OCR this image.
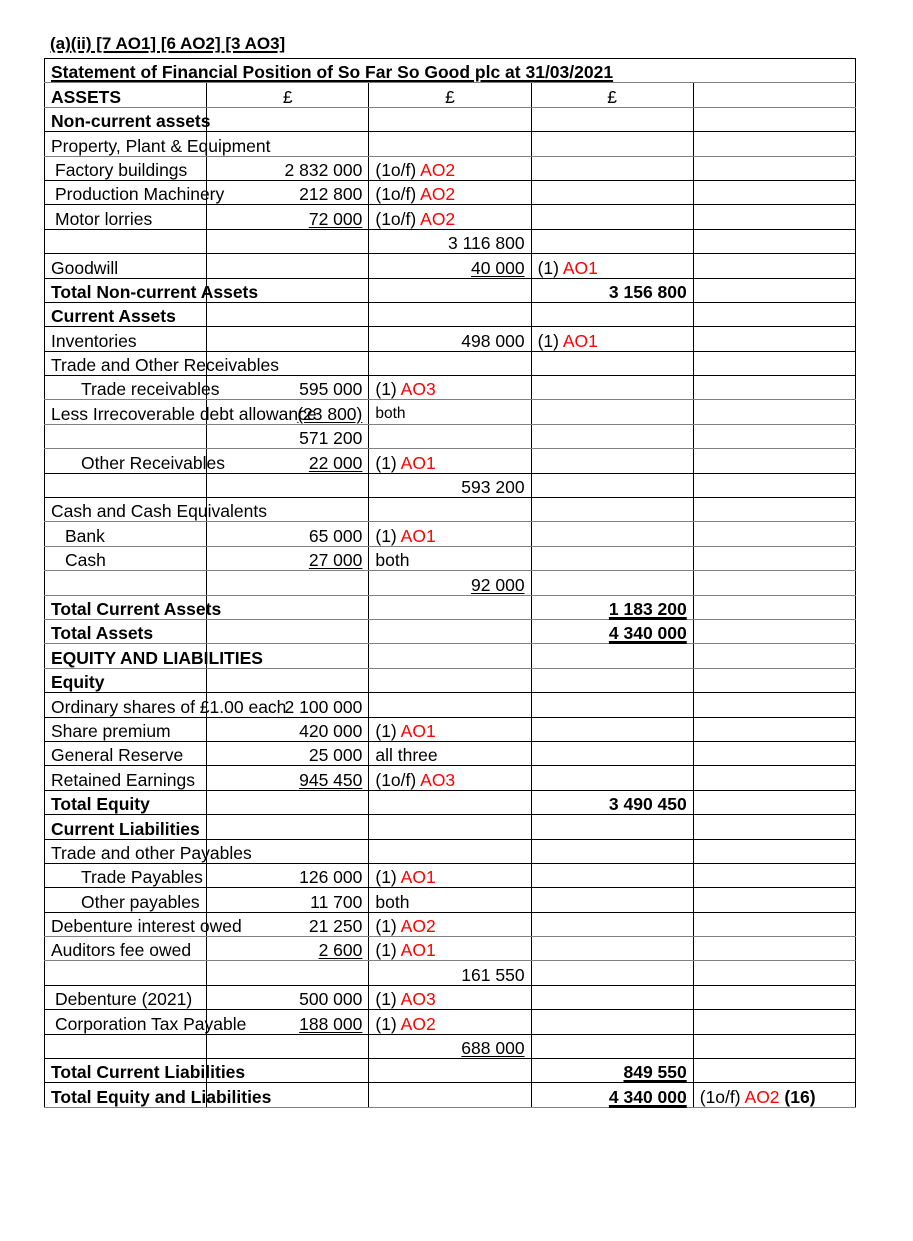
(a)(ii) [7 AO1] [6 AO2] [3 AO3]
Statement of Financial Position of So Far So Good plc at 31/03/2021				
ASSETS	£	£	£	
Non-current assets				
Property, Plant & Equipment				
Factory buildings	2 832 000	(1o/f) AO2		
Production Machinery	212 800	(1o/f) AO2		
Motor lorries	72 000	(1o/f) AO2		
		3 116 800		
Goodwill		40 000	(1) AO1	
Total Non-current Assets			3 156 800	
Current Assets				
Inventories		498 000	(1) AO1	
Trade and Other Receivables				
Trade receivables	595 000	(1) AO3		
Less Irrecoverable debt allowance	(23 800)	both		
	571 200			
Other Receivables	22 000	(1) AO1		
		593 200		
Cash and Cash Equivalents				
Bank	65 000	(1) AO1		
Cash	27 000	both		
		92 000		
Total Current Assets			1 183 200	
Total Assets			4 340 000	
EQUITY AND LIABILITIES				
Equity				
Ordinary shares of £1.00 each	2 100 000			
Share premium	420 000	(1) AO1		
General Reserve	25 000	all three		
Retained Earnings	945 450	(1o/f) AO3		
Total Equity			3 490 450	
Current Liabilities				
Trade and other Payables				
Trade Payables	126 000	(1) AO1		
Other payables	11 700	both		
Debenture interest owed	21 250	(1) AO2		
Auditors fee owed	2 600	(1) AO1		
		161 550		
Debenture (2021)	500 000	(1) AO3		
Corporation Tax Payable	188 000	(1) AO2		
		688 000		
Total Current Liabilities			849 550	
Total Equity and Liabilities			4 340 000	(1o/f) AO2 (16)
